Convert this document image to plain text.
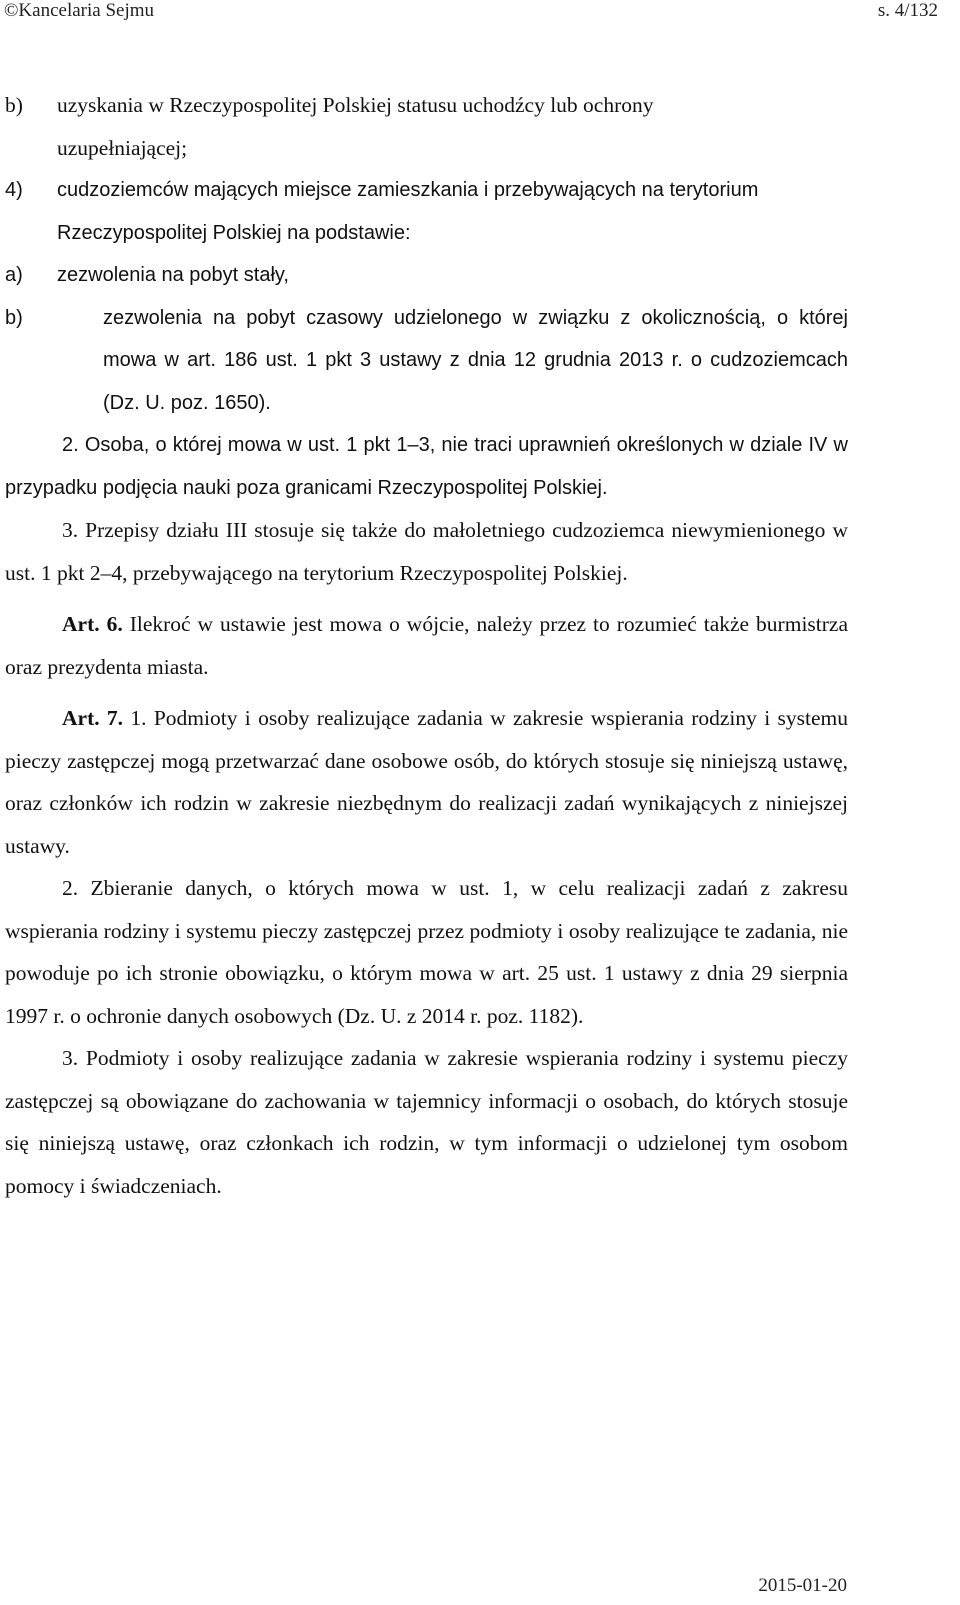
©Kancelaria Sejmu	s. 4/132
b)	uzyskania w Rzeczypospolitej Polskiej statusu uchodźcy lub ochrony
uzupełniającej;
4)	cudzoziemców mających miejsce zamieszkania i przebywających na terytorium
Rzeczypospolitej Polskiej na podstawie:
a)	zezwolenia na pobyt stały,
b)	zezwolenia na pobyt czasowy udzielonego w związku z okolicznością, o której mowa w art. 186 ust. 1 pkt 3 ustawy z dnia 12 grudnia 2013 r. o cudzoziemcach (Dz. U. poz. 1650).

2. Osoba, o której mowa w ust. 1 pkt 1–3, nie traci uprawnień określonych w dziale IV w przypadku podjęcia nauki poza granicami Rzeczypospolitej Polskiej.

3. Przepisy działu III stosuje się także do małoletniego cudzoziemca niewymienionego w ust. 1 pkt 2–4, przebywającego na terytorium Rzeczypospolitej Polskiej.

Art. 6. Ilekroć w ustawie jest mowa o wójcie, należy przez to rozumieć także burmistrza oraz prezydenta miasta.

Art. 7. 1. Podmioty i osoby realizujące zadania w zakresie wspierania rodziny i systemu pieczy zastępczej mogą przetwarzać dane osobowe osób, do których stosuje się niniejszą ustawę, oraz członków ich rodzin w zakresie niezbędnym do realizacji zadań wynikających z niniejszej ustawy.

2. Zbieranie danych, o których mowa w ust. 1, w celu realizacji zadań z zakresu wspierania rodziny i systemu pieczy zastępczej przez podmioty i osoby realizujące te zadania, nie powoduje po ich stronie obowiązku, o którym mowa w art. 25 ust. 1 ustawy z dnia 29 sierpnia 1997 r. o ochronie danych osobowych (Dz. U. z 2014 r. poz. 1182).

3. Podmioty i osoby realizujące zadania w zakresie wspierania rodziny i systemu pieczy zastępczej są obowiązane do zachowania w tajemnicy informacji o osobach, do których stosuje się niniejszą ustawę, oraz członkach ich rodzin, w tym informacji o udzielonej tym osobom pomocy i świadczeniach.

2015-01-20
